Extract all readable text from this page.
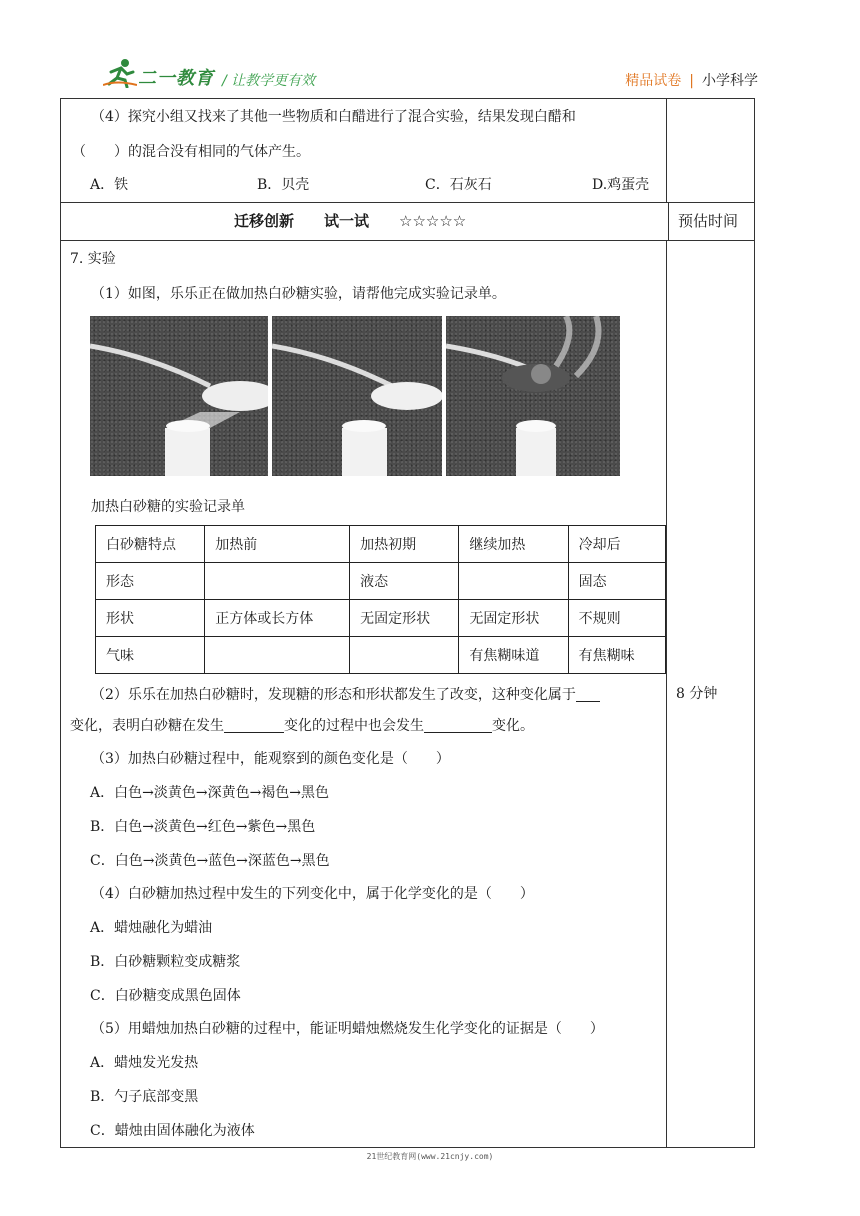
二一教育 / 让教学更有效	精品试卷 | 小学科学
（4）探究小组又找来了其他一些物质和白醋进行了混合实验，结果发现白醋和
（　　）的混合没有相同的气体产生。
A．铁	B．贝壳	C．石灰石	D.鸡蛋壳
迁移创新　　试一试　　☆☆☆☆☆	预估时间
7. 实验
（1）如图，乐乐正在做加热白砂糖实验，请帮他完成实验记录单。
加热白砂糖的实验记录单
白砂糖特点	加热前	加热初期	继续加热	冷却后
形态		液态		固态
形状	正方体或长方体	无固定形状	无固定形状	不规则
气味			有焦糊味道	有焦糊味
（2）乐乐在加热白砂糖时，发现糖的形态和形状都发生了改变，这种变化属于
变化，表明白砂糖在发生	变化的过程中也会发生	变化。
8 分钟
（3）加热白砂糖过程中，能观察到的颜色变化是（　　）
A．白色→淡黄色→深黄色→褐色→黑色
B．白色→淡黄色→红色→紫色→黑色
C．白色→淡黄色→蓝色→深蓝色→黑色
（4）白砂糖加热过程中发生的下列变化中，属于化学变化的是（　　）
A．蜡烛融化为蜡油
B．白砂糖颗粒变成糖浆
C．白砂糖变成黑色固体
（5）用蜡烛加热白砂糖的过程中，能证明蜡烛燃烧发生化学变化的证据是（　　）
A．蜡烛发光发热
B．勺子底部变黑
C．蜡烛由固体融化为液体
21世纪教育网(www.21cnjy.com)
